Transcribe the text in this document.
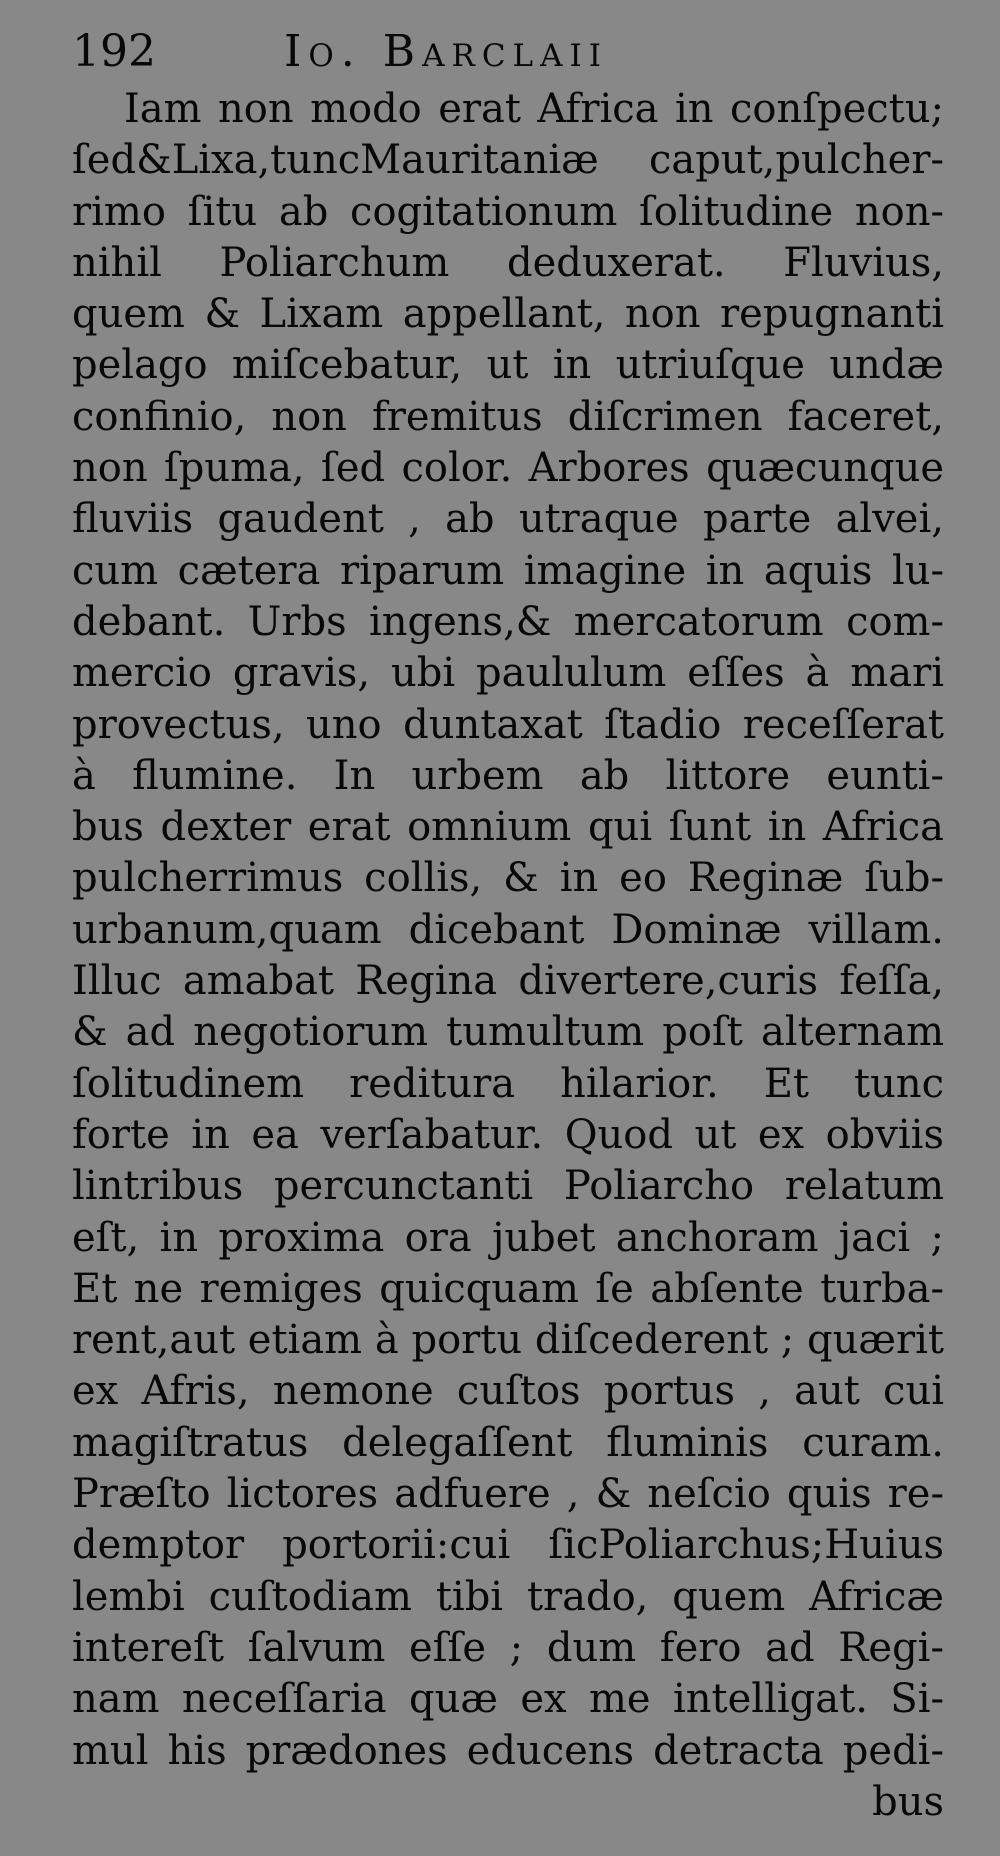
192	Io. Barclaii
Iam non modo erat Africa in conſpectu;
ſed&Lixa,tuncMauritaniæ caput,pulcher-
rimo ſitu ab cogitationum ſolitudine non-
nihil Poliarchum deduxerat. Fluvius,
quem & Lixam appellant, non repugnanti
pelago miſcebatur, ut in utriuſque undæ
confinio, non fremitus diſcrimen faceret,
non ſpuma, ſed color. Arbores quæcunque
fluviis gaudent , ab utraque parte alvei,
cum cætera riparum imagine in aquis lu-
debant. Urbs ingens,& mercatorum com-
mercio gravis, ubi paululum eſſes à mari
provectus, uno duntaxat ſtadio receſſerat
à flumine. In urbem ab littore eunti-
bus dexter erat omnium qui ſunt in Africa
pulcherrimus collis, & in eo Reginæ ſub-
urbanum,quam dicebant Dominæ villam.
Illuc amabat Regina divertere,curis feſſa,
& ad negotiorum tumultum poſt alternam
ſolitudinem reditura hilarior. Et tunc
forte in ea verſabatur. Quod ut ex obviis
lintribus percunctanti Poliarcho relatum
eſt, in proxima ora jubet anchoram jaci ;
Et ne remiges quicquam ſe abſente turba-
rent,aut etiam à portu diſcederent ; quærit
ex Afris, nemone cuſtos portus , aut cui
magiſtratus delegaſſent fluminis curam.
Præſto lictores adfuere , & neſcio quis re-
demptor portorii:cui ſicPoliarchus;Huius
lembi cuſtodiam tibi trado, quem Africæ
intereſt ſalvum eſſe ; dum fero ad Regi-
nam neceſſaria quæ ex me intelligat. Si-
mul his prædones educens detracta pedi-
bus
